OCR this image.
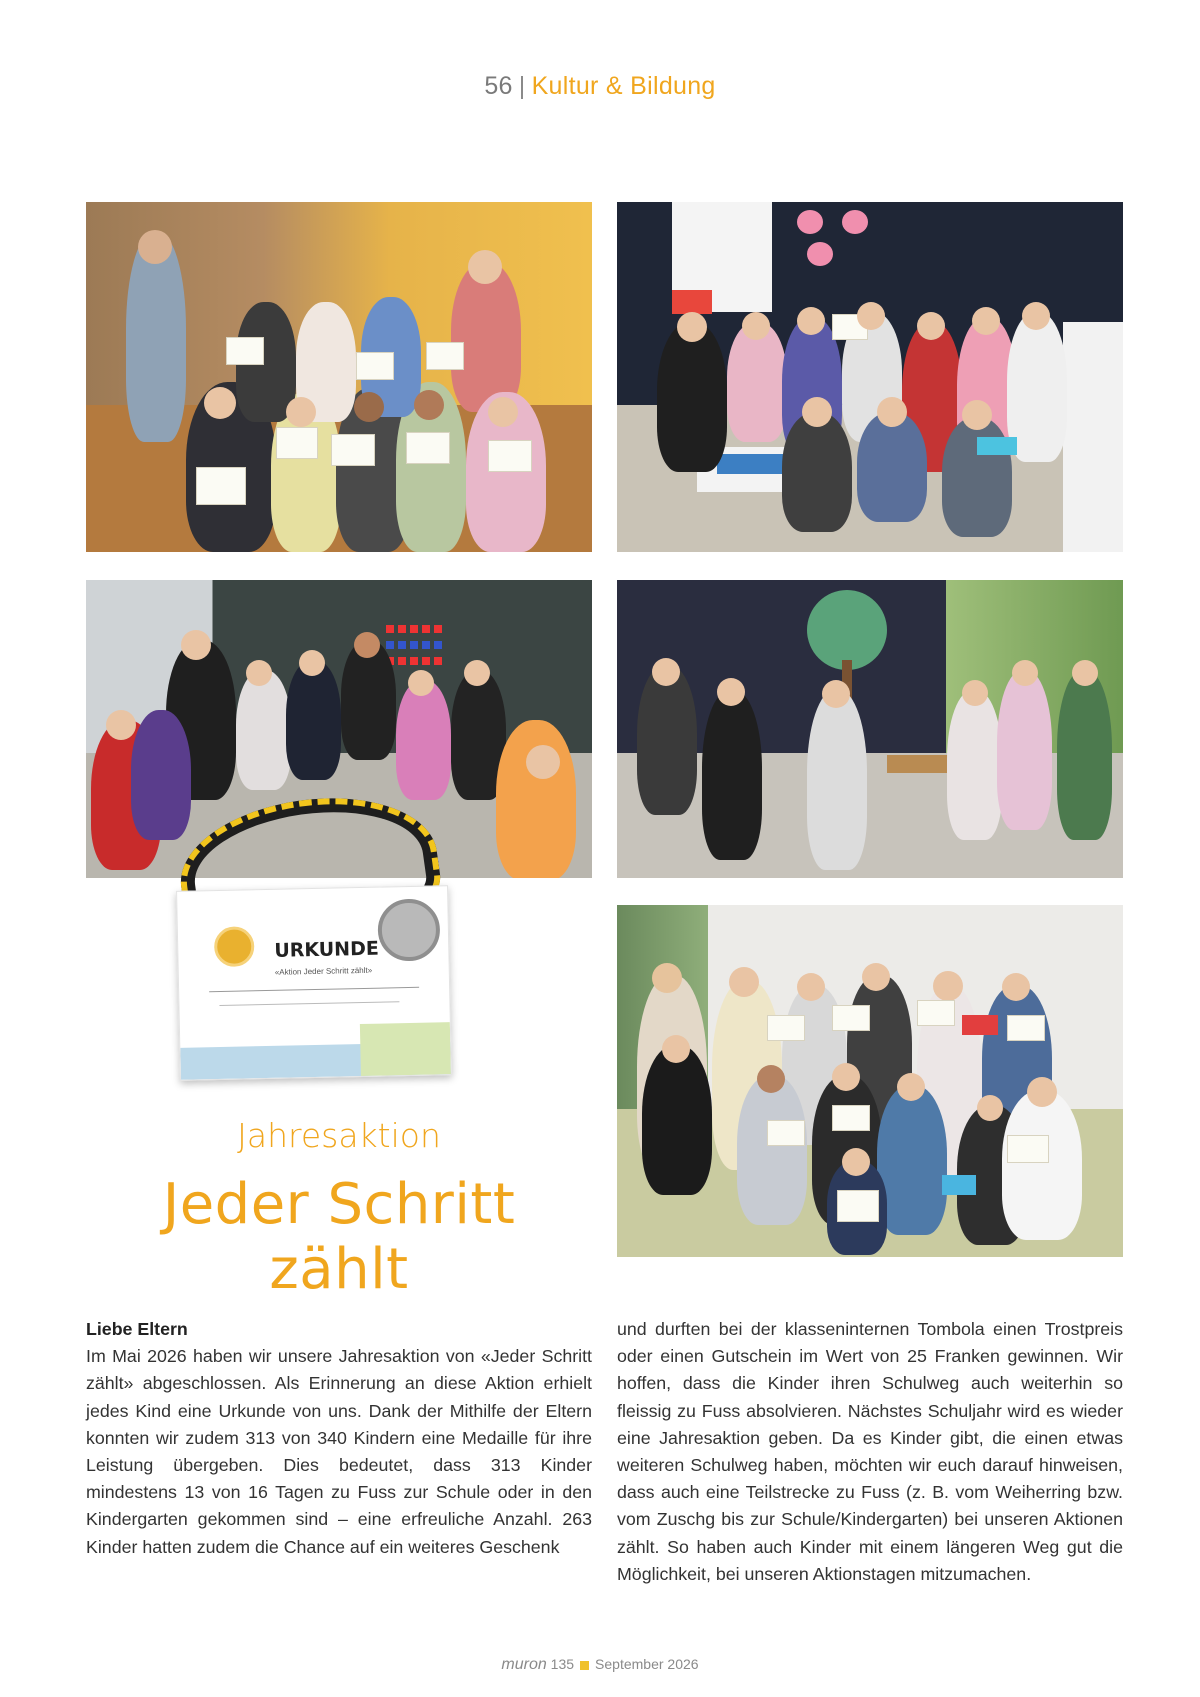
56 | Kultur & Bildung
URKUNDE
«Aktion Jeder Schritt zählt»
Jahresaktion
Jeder Schritt zählt

Liebe Eltern

Im Mai 2026 haben wir unsere Jahresaktion von «Jeder Schritt zählt» abgeschlossen. Als Erinnerung an diese Aktion erhielt jedes Kind eine Urkunde von uns. Dank der Mithilfe der Eltern konnten wir zudem 313 von 340 Kindern eine Medaille für ihre Leistung übergeben. Dies bedeutet, dass 313 Kinder mindestens 13 von 16 Tagen zu Fuss zur Schule oder in den Kindergarten gekommen sind – eine erfreuliche Anzahl. 263 Kinder hatten zudem die Chance auf ein weiteres Geschenk

und durften bei der klasseninternen Tombola einen Trostpreis oder einen Gutschein im Wert von 25 Franken gewinnen. Wir hoffen, dass die Kinder ihren Schulweg auch weiterhin so fleissig zu Fuss absolvieren. Nächstes Schuljahr wird es wieder eine Jahresaktion geben. Da es Kinder gibt, die einen etwas weiteren Schulweg haben, möchten wir euch darauf hinweisen, dass auch eine Teilstrecke zu Fuss (z. B. vom Weiherring bzw. vom Zuschg bis zur Schule/Kindergarten) bei unseren Aktionen zählt. So haben auch Kinder mit einem längeren Weg gut die Möglichkeit, bei unseren Aktionstagen mitzumachen.

muron 135 September 2026
